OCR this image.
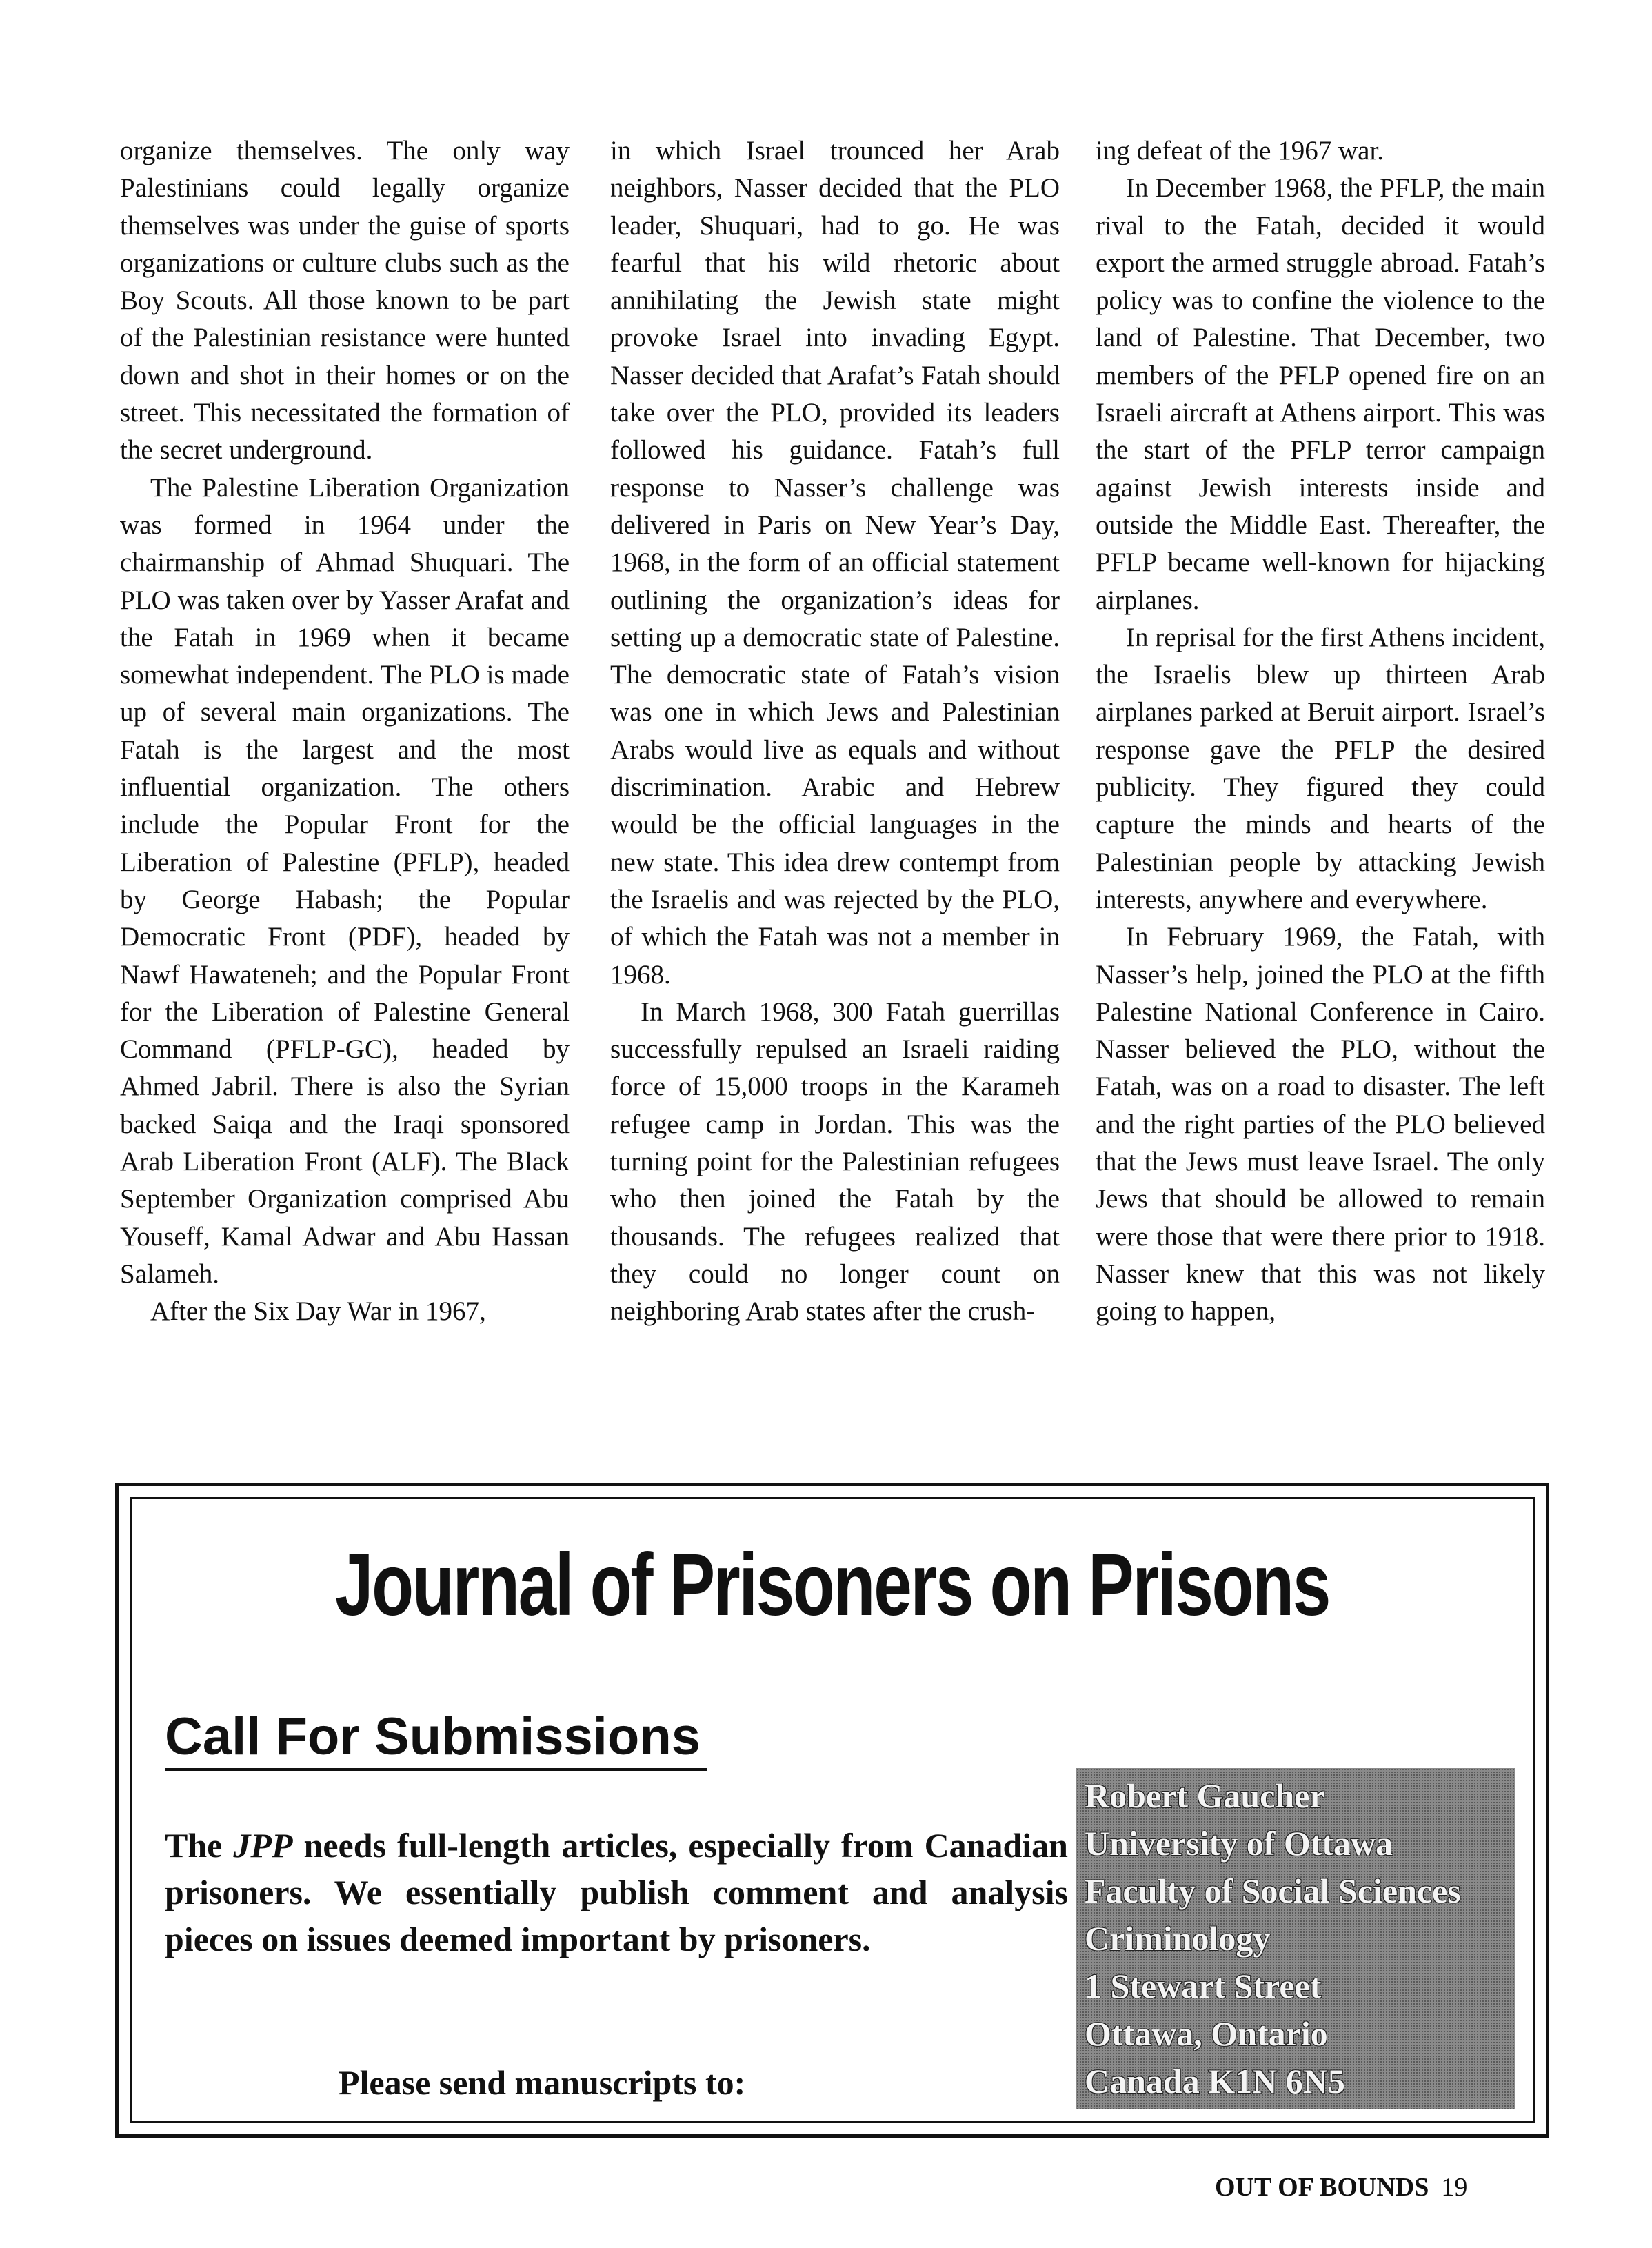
organize themselves. The only way Palestinians could legally organize themselves was under the guise of sports organizations or culture clubs such as the Boy Scouts. All those known to be part of the Palestinian resistance were hunted down and shot in their homes or on the street. This necessitated the formation of the secret underground.

The Palestine Liberation Organization was formed in 1964 under the chairmanship of Ahmad Shuquari. The PLO was taken over by Yasser Arafat and the Fatah in 1969 when it became somewhat independent. The PLO is made up of several main organizations. The Fatah is the largest and the most influential organization. The others include the Popular Front for the Liberation of Palestine (PFLP), headed by George Habash; the Popular Democratic Front (PDF), headed by Nawf Hawateneh; and the Popular Front for the Liberation of Palestine General Command (PFLP-GC), headed by Ahmed Jabril. There is also the Syrian backed Saiqa and the Iraqi sponsored Arab Liberation Front (ALF). The Black September Organization comprised Abu Youseff, Kamal Adwar and Abu Hassan Salameh.

After the Six Day War in 1967,

in which Israel trounced her Arab neighbors, Nasser decided that the PLO leader, Shuquari, had to go. He was fearful that his wild rhetoric about annihilating the Jewish state might provoke Israel into invading Egypt. Nasser decided that Arafat’s Fatah should take over the PLO, provided its leaders followed his guidance. Fatah’s full response to Nasser’s challenge was delivered in Paris on New Year’s Day, 1968, in the form of an official statement outlining the organization’s ideas for setting up a democratic state of Palestine. The democratic state of Fatah’s vision was one in which Jews and Palestinian Arabs would live as equals and without discrimination. Arabic and Hebrew would be the official languages in the new state. This idea drew contempt from the Israelis and was rejected by the PLO, of which the Fatah was not a member in 1968.

In March 1968, 300 Fatah guerrillas successfully repulsed an Israeli raiding force of 15,000 troops in the Karameh refugee camp in Jordan. This was the turning point for the Palestinian refugees who then joined the Fatah by the thousands. The refugees realized that they could no longer count on neighboring Arab states after the crush-

ing defeat of the 1967 war.

In December 1968, the PFLP, the main rival to the Fatah, decided it would export the armed struggle abroad. Fatah’s policy was to confine the violence to the land of Palestine. That December, two members of the PFLP opened fire on an Israeli aircraft at Athens airport. This was the start of the PFLP terror campaign against Jewish interests inside and outside the Middle East. Thereafter, the PFLP became well-known for hijacking airplanes.

In reprisal for the first Athens incident, the Israelis blew up thirteen Arab airplanes parked at Beruit airport. Israel’s response gave the PFLP the desired publicity. They figured they could capture the minds and hearts of the Palestinian people by attacking Jewish interests, anywhere and everywhere.

In February 1969, the Fatah, with Nasser’s help, joined the PLO at the fifth Palestine National Conference in Cairo. Nasser believed the PLO, without the Fatah, was on a road to disaster. The left and the right parties of the PLO believed that the Jews must leave Israel. The only Jews that should be allowed to remain were those that were there prior to 1918. Nasser knew that this was not likely going to happen,

Journal of Prisoners on Prisons
Call For Submissions
The JPP needs full-length articles, especially from Canadian prisoners. We essentially publish comment and analysis pieces on issues deemed important by prisoners.
Please send manuscripts to:
Robert Gaucher
University of Ottawa
Faculty of Social Sciences
Criminology
1 Stewart Street
Ottawa, Ontario
Canada K1N 6N5
OUT OF BOUNDS 19
